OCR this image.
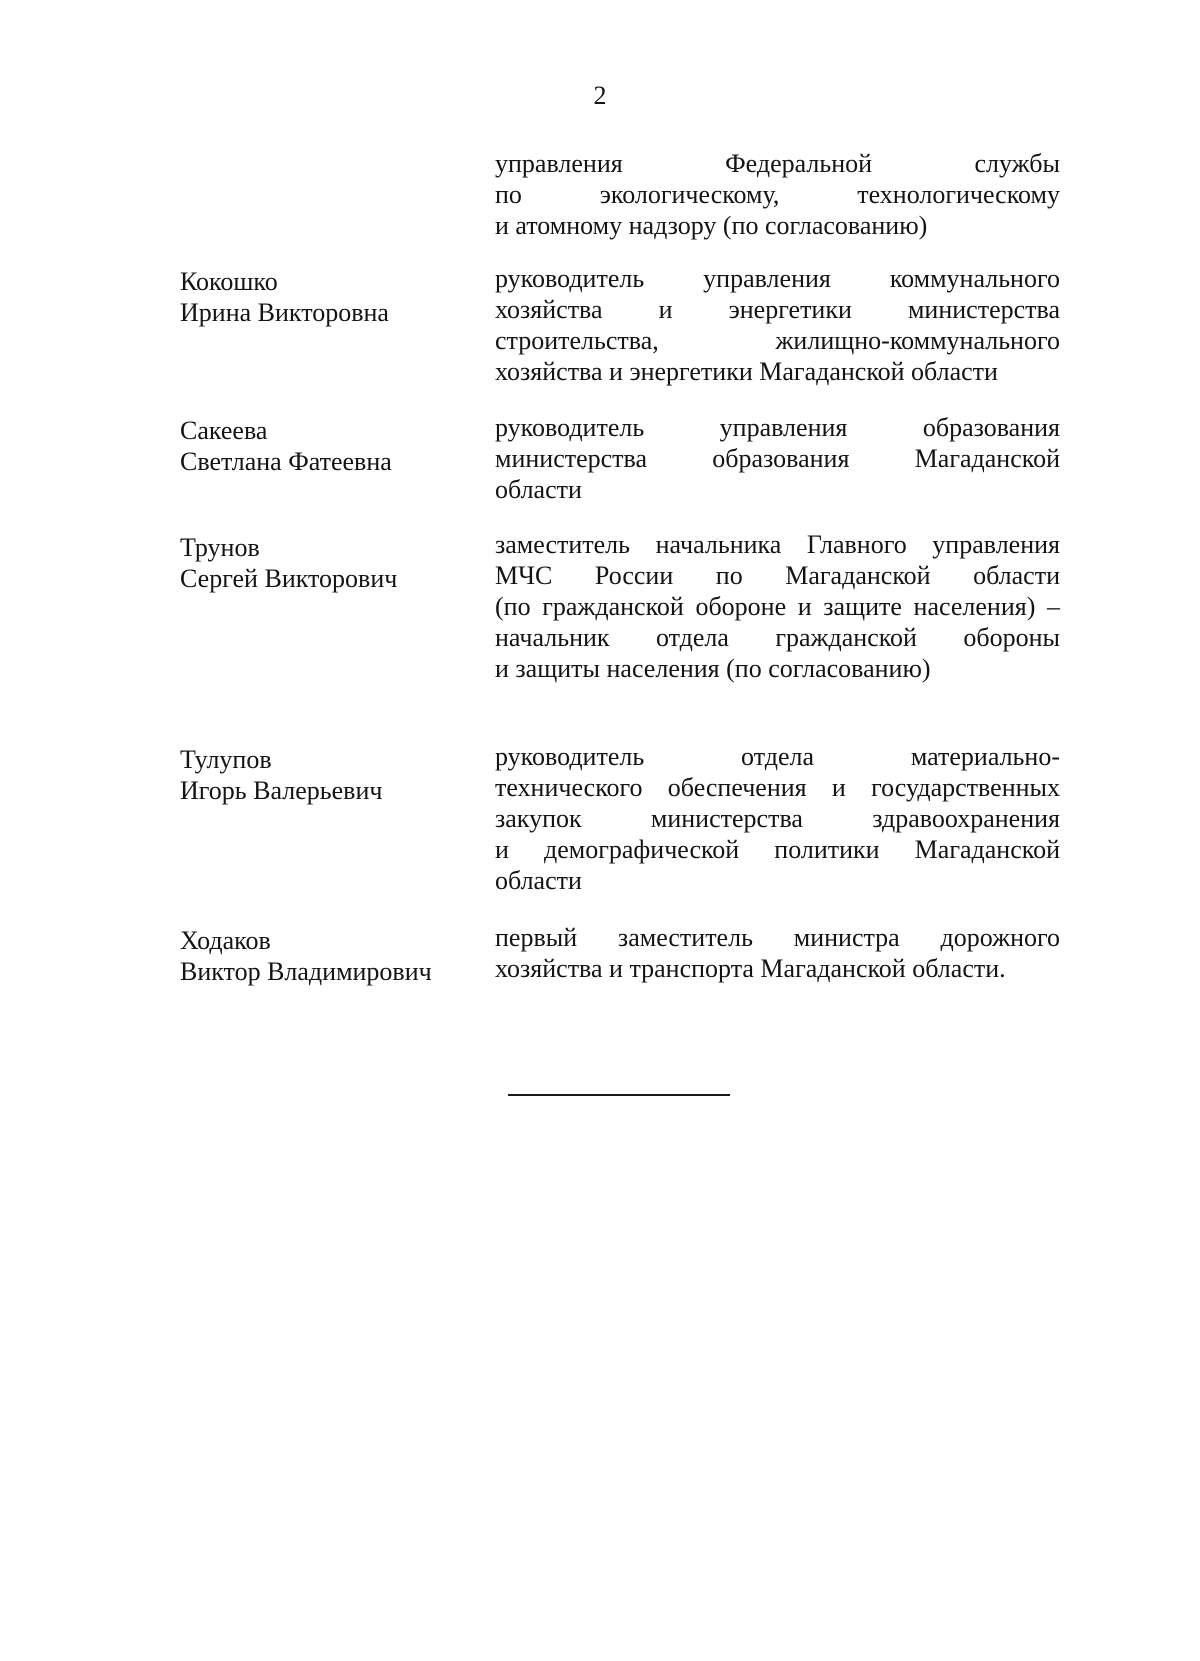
2
управления Федеральной службы
по экологическому, технологическому
и атомному надзору (по согласованию)
Кокошко
Ирина Викторовна
руководитель управления коммунального
хозяйства и энергетики министерства
строительства, жилищно-коммунального
хозяйства и энергетики Магаданской области
Сакеева
Светлана Фатеевна
руководитель управления образования
министерства образования Магаданской
области
Трунов
Сергей Викторович
заместитель начальника Главного управления
МЧС России по Магаданской области
(по гражданской обороне и защите населения) –
начальник отдела гражданской обороны
и защиты населения (по согласованию)
Тулупов
Игорь Валерьевич
руководитель отдела материально-
технического обеспечения и государственных
закупок министерства здравоохранения
и демографической политики Магаданской
области
Ходаков
Виктор Владимирович
первый заместитель министра дорожного
хозяйства и транспорта Магаданской области.
